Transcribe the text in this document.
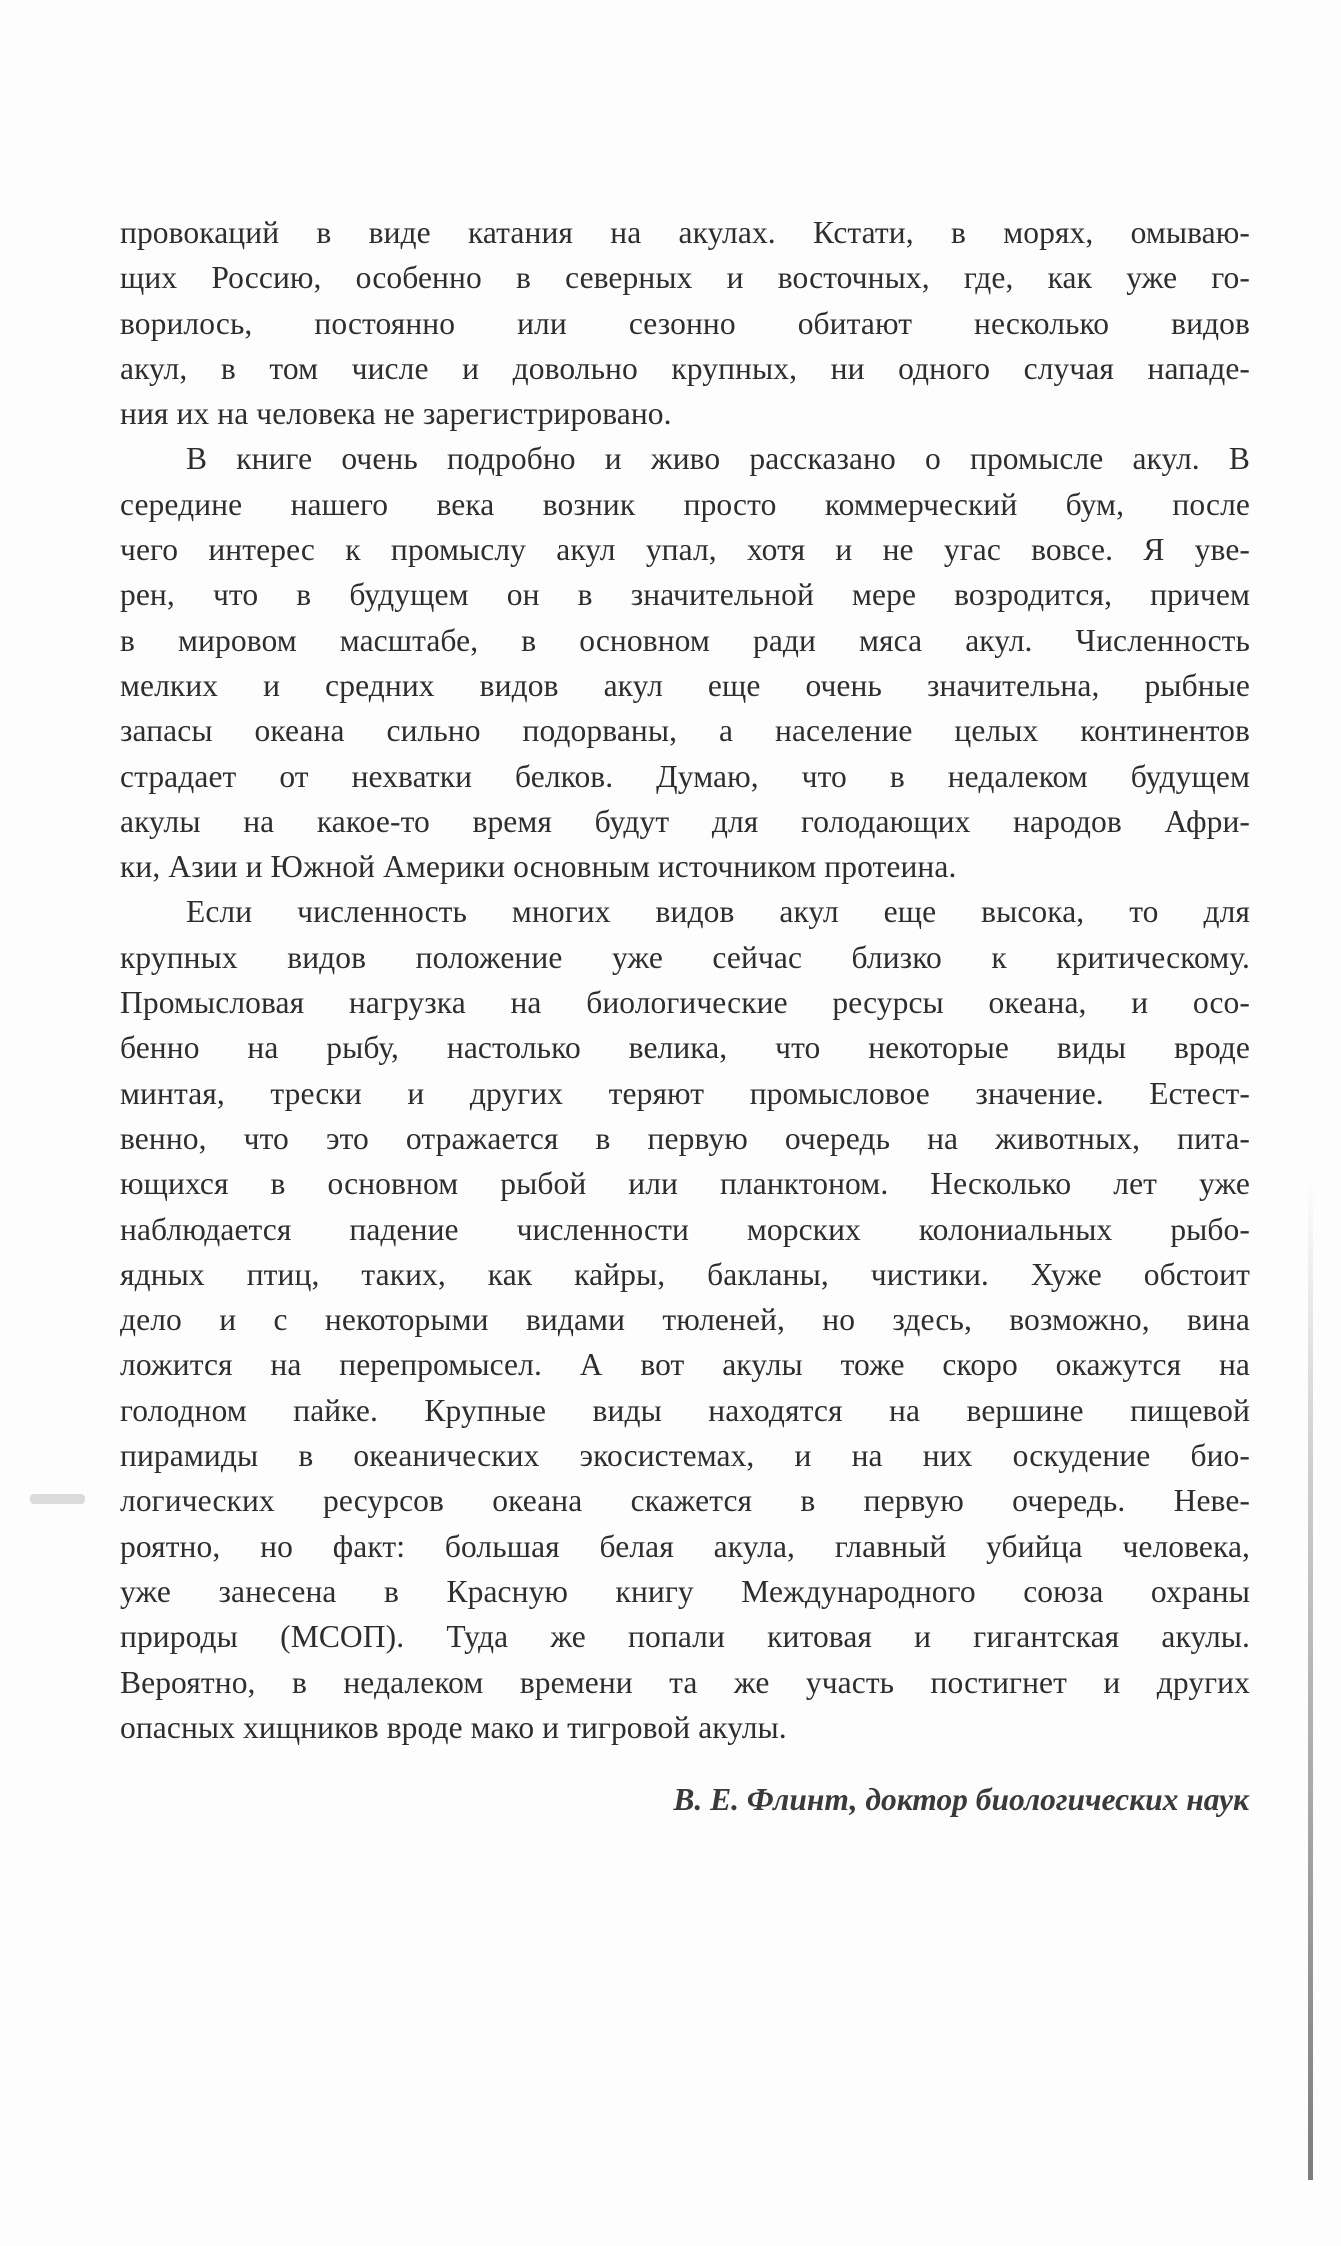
провокаций в виде катания на акулах. Кстати, в морях, омываю-
щих Россию, особенно в северных и восточных, где, как уже го-
ворилось, постоянно или сезонно обитают несколько видов
акул, в том числе и довольно крупных, ни одного случая нападе-
ния их на человека не зарегистрировано.
В книге очень подробно и живо рассказано о промысле акул. В
середине нашего века возник просто коммерческий бум, после
чего интерес к промыслу акул упал, хотя и не угас вовсе. Я уве-
рен, что в будущем он в значительной мере возродится, причем
в мировом масштабе, в основном ради мяса акул. Численность
мелких и средних видов акул еще очень значительна, рыбные
запасы океана сильно подорваны, а население целых континентов
страдает от нехватки белков. Думаю, что в недалеком будущем
акулы на какое-то время будут для голодающих народов Афри-
ки, Азии и Южной Америки основным источником протеина.
Если численность многих видов акул еще высока, то для
крупных видов положение уже сейчас близко к критическому.
Промысловая нагрузка на биологические ресурсы океана, и осо-
бенно на рыбу, настолько велика, что некоторые виды вроде
минтая, трески и других теряют промысловое значение. Естест-
венно, что это отражается в первую очередь на животных, пита-
ющихся в основном рыбой или планктоном. Несколько лет уже
наблюдается падение численности морских колониальных рыбо-
ядных птиц, таких, как кайры, бакланы, чистики. Хуже обстоит
дело и с некоторыми видами тюленей, но здесь, возможно, вина
ложится на перепромысел. А вот акулы тоже скоро окажутся на
голодном пайке. Крупные виды находятся на вершине пищевой
пирамиды в океанических экосистемах, и на них оскудение био-
логических ресурсов океана скажется в первую очередь. Неве-
роятно, но факт: большая белая акула, главный убийца человека,
уже занесена в Красную книгу Международного союза охраны
природы (МСОП). Туда же попали китовая и гигантская акулы.
Вероятно, в недалеком времени та же участь постигнет и других
опасных хищников вроде мако и тигровой акулы.
В. Е. Флинт, доктор биологических наук
